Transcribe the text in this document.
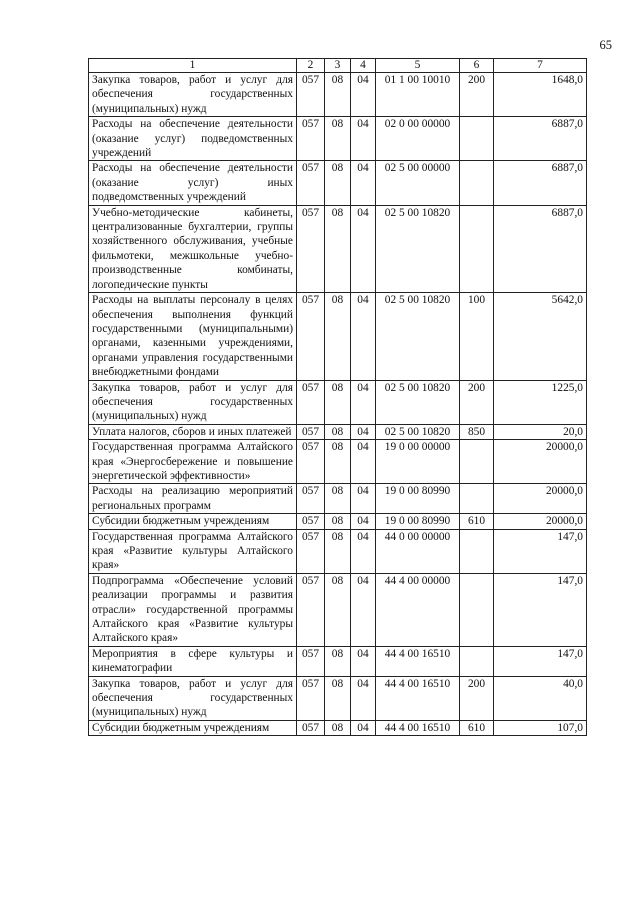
65
1	2	3	4	5	6	7
Закупка товаров, работ и услуг для обеспечения государственных (муниципальных) нужд	057	08	04	01 1 00 10010	200	1648,0
Расходы на обеспечение деятельности (оказание услуг) подведомственных учреждений	057	08	04	02 0 00 00000		6887,0
Расходы на обеспечение деятельности (оказание услуг) иных подведомственных учреждений	057	08	04	02 5 00 00000		6887,0
Учебно-методические кабинеты, централизованные бухгалтерии, группы хозяйственного обслуживания, учебные фильмотеки, межшкольные учебно-производственные комбинаты, логопедические пункты	057	08	04	02 5 00 10820		6887,0
Расходы на выплаты персоналу в целях обеспечения выполнения функций государственными (муниципальными) органами, казенными учреждениями, органами управления государственными внебюджетными фондами	057	08	04	02 5 00 10820	100	5642,0
Закупка товаров, работ и услуг для обеспечения государственных (муниципальных) нужд	057	08	04	02 5 00 10820	200	1225,0
Уплата налогов, сборов и иных платежей	057	08	04	02 5 00 10820	850	20,0
Государственная программа Алтайского края «Энергосбережение и повышение энергетической эффективности»	057	08	04	19 0 00 00000		20000,0
Расходы на реализацию мероприятий региональных программ	057	08	04	19 0 00 80990		20000,0
Субсидии бюджетным учреждениям	057	08	04	19 0 00 80990	610	20000,0
Государственная программа Алтайского края «Развитие культуры Алтайского края»	057	08	04	44 0 00 00000		147,0
Подпрограмма «Обеспечение условий реализации программы и развития отрасли» государственной программы Алтайского края «Развитие культуры Алтайского края»	057	08	04	44 4 00 00000		147,0
Мероприятия в сфере культуры и кинематографии	057	08	04	44 4 00 16510		147,0
Закупка товаров, работ и услуг для обеспечения государственных (муниципальных) нужд	057	08	04	44 4 00 16510	200	40,0
Субсидии бюджетным учреждениям	057	08	04	44 4 00 16510	610	107,0
